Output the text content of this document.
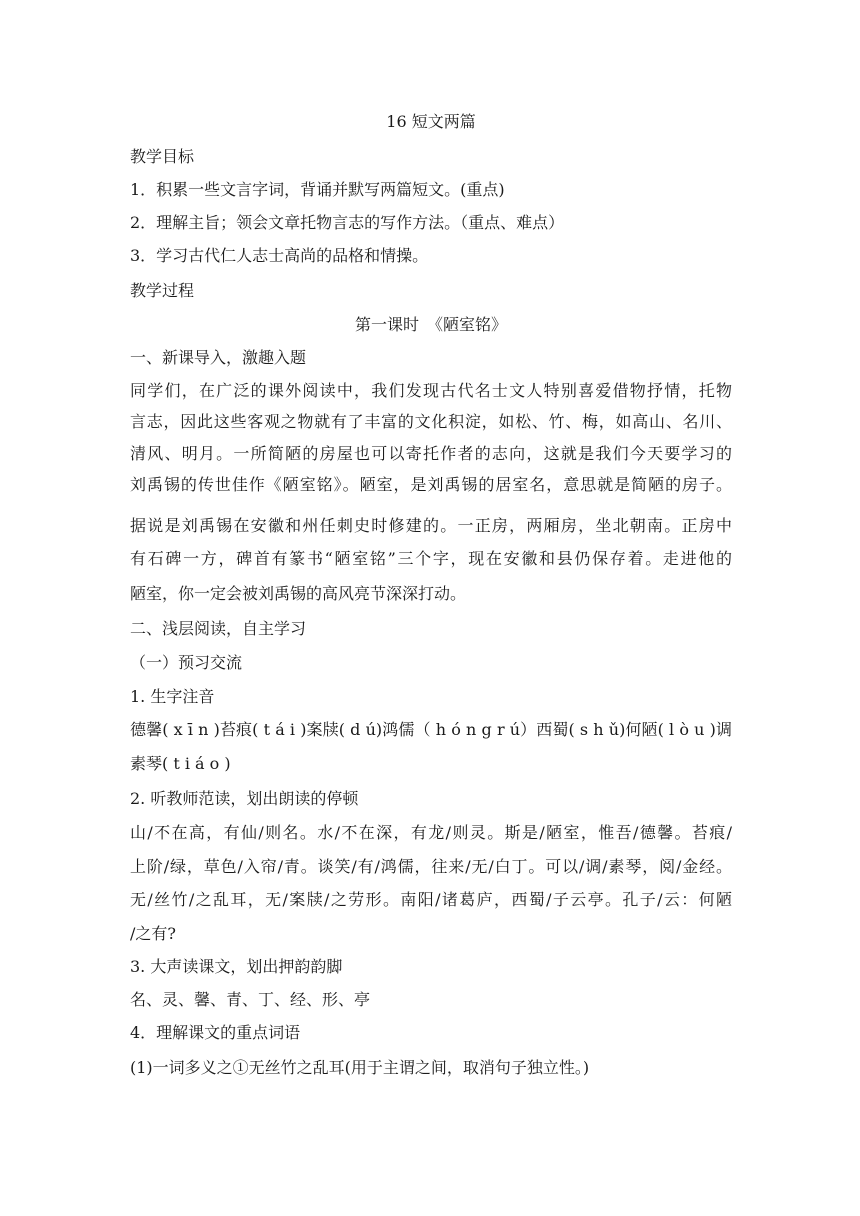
16 短文两篇
教学目标
1．积累一些文言字词，背诵并默写两篇短文。(重点)
2．理解主旨；领会文章托物言志的写作方法。（重点、难点）
3．学习古代仁人志士高尚的品格和情操。
教学过程
第一课时　《陋室铭》
一、新课导入，激趣入题
同学们，在广泛的课外阅读中，我们发现古代名士文人特别喜爱借物抒情，托物
言志，因此这些客观之物就有了丰富的文化积淀，如松、竹、梅，如高山、名川、
清风、明月。一所简陋的房屋也可以寄托作者的志向，这就是我们今天要学习的
刘禹锡的传世佳作《陋室铭》。陋室，是刘禹锡的居室名，意思就是简陋的房子。
据说是刘禹锡在安徽和州任刺史时修建的。一正房，两厢房，坐北朝南。正房中
有石碑一方，碑首有篆书“陋室铭”三个字，现在安徽和县仍保存着。走进他的
陋室，你一定会被刘禹锡的高风亮节深深打动。
二、浅层阅读，自主学习
（一）预习交流
1. 生字注音
德馨( x ī n )苔痕( t á i )案牍( d ú)鸿儒（ h ó n g r ú）西蜀( s h ǔ)何陋( l ò u )调
素琴( t i á o )
2. 听教师范读，划出朗读的停顿
山/不在高，有仙/则名。水/不在深，有龙/则灵。斯是/陋室，惟吾/德馨。苔痕/
上阶/绿，草色/入帘/青。谈笑/有/鸿儒，往来/无/白丁。可以/调/素琴，阅/金经。
无/丝竹/之乱耳，无/案牍/之劳形。南阳/诸葛庐，西蜀/子云亭。孔子/云：何陋
/之有?
3. 大声读课文，划出押韵韵脚
名、灵、馨、青、丁、经、形、亭
4．理解课文的重点词语
(1)一词多义之①无丝竹之乱耳(用于主谓之间，取消句子独立性。)
